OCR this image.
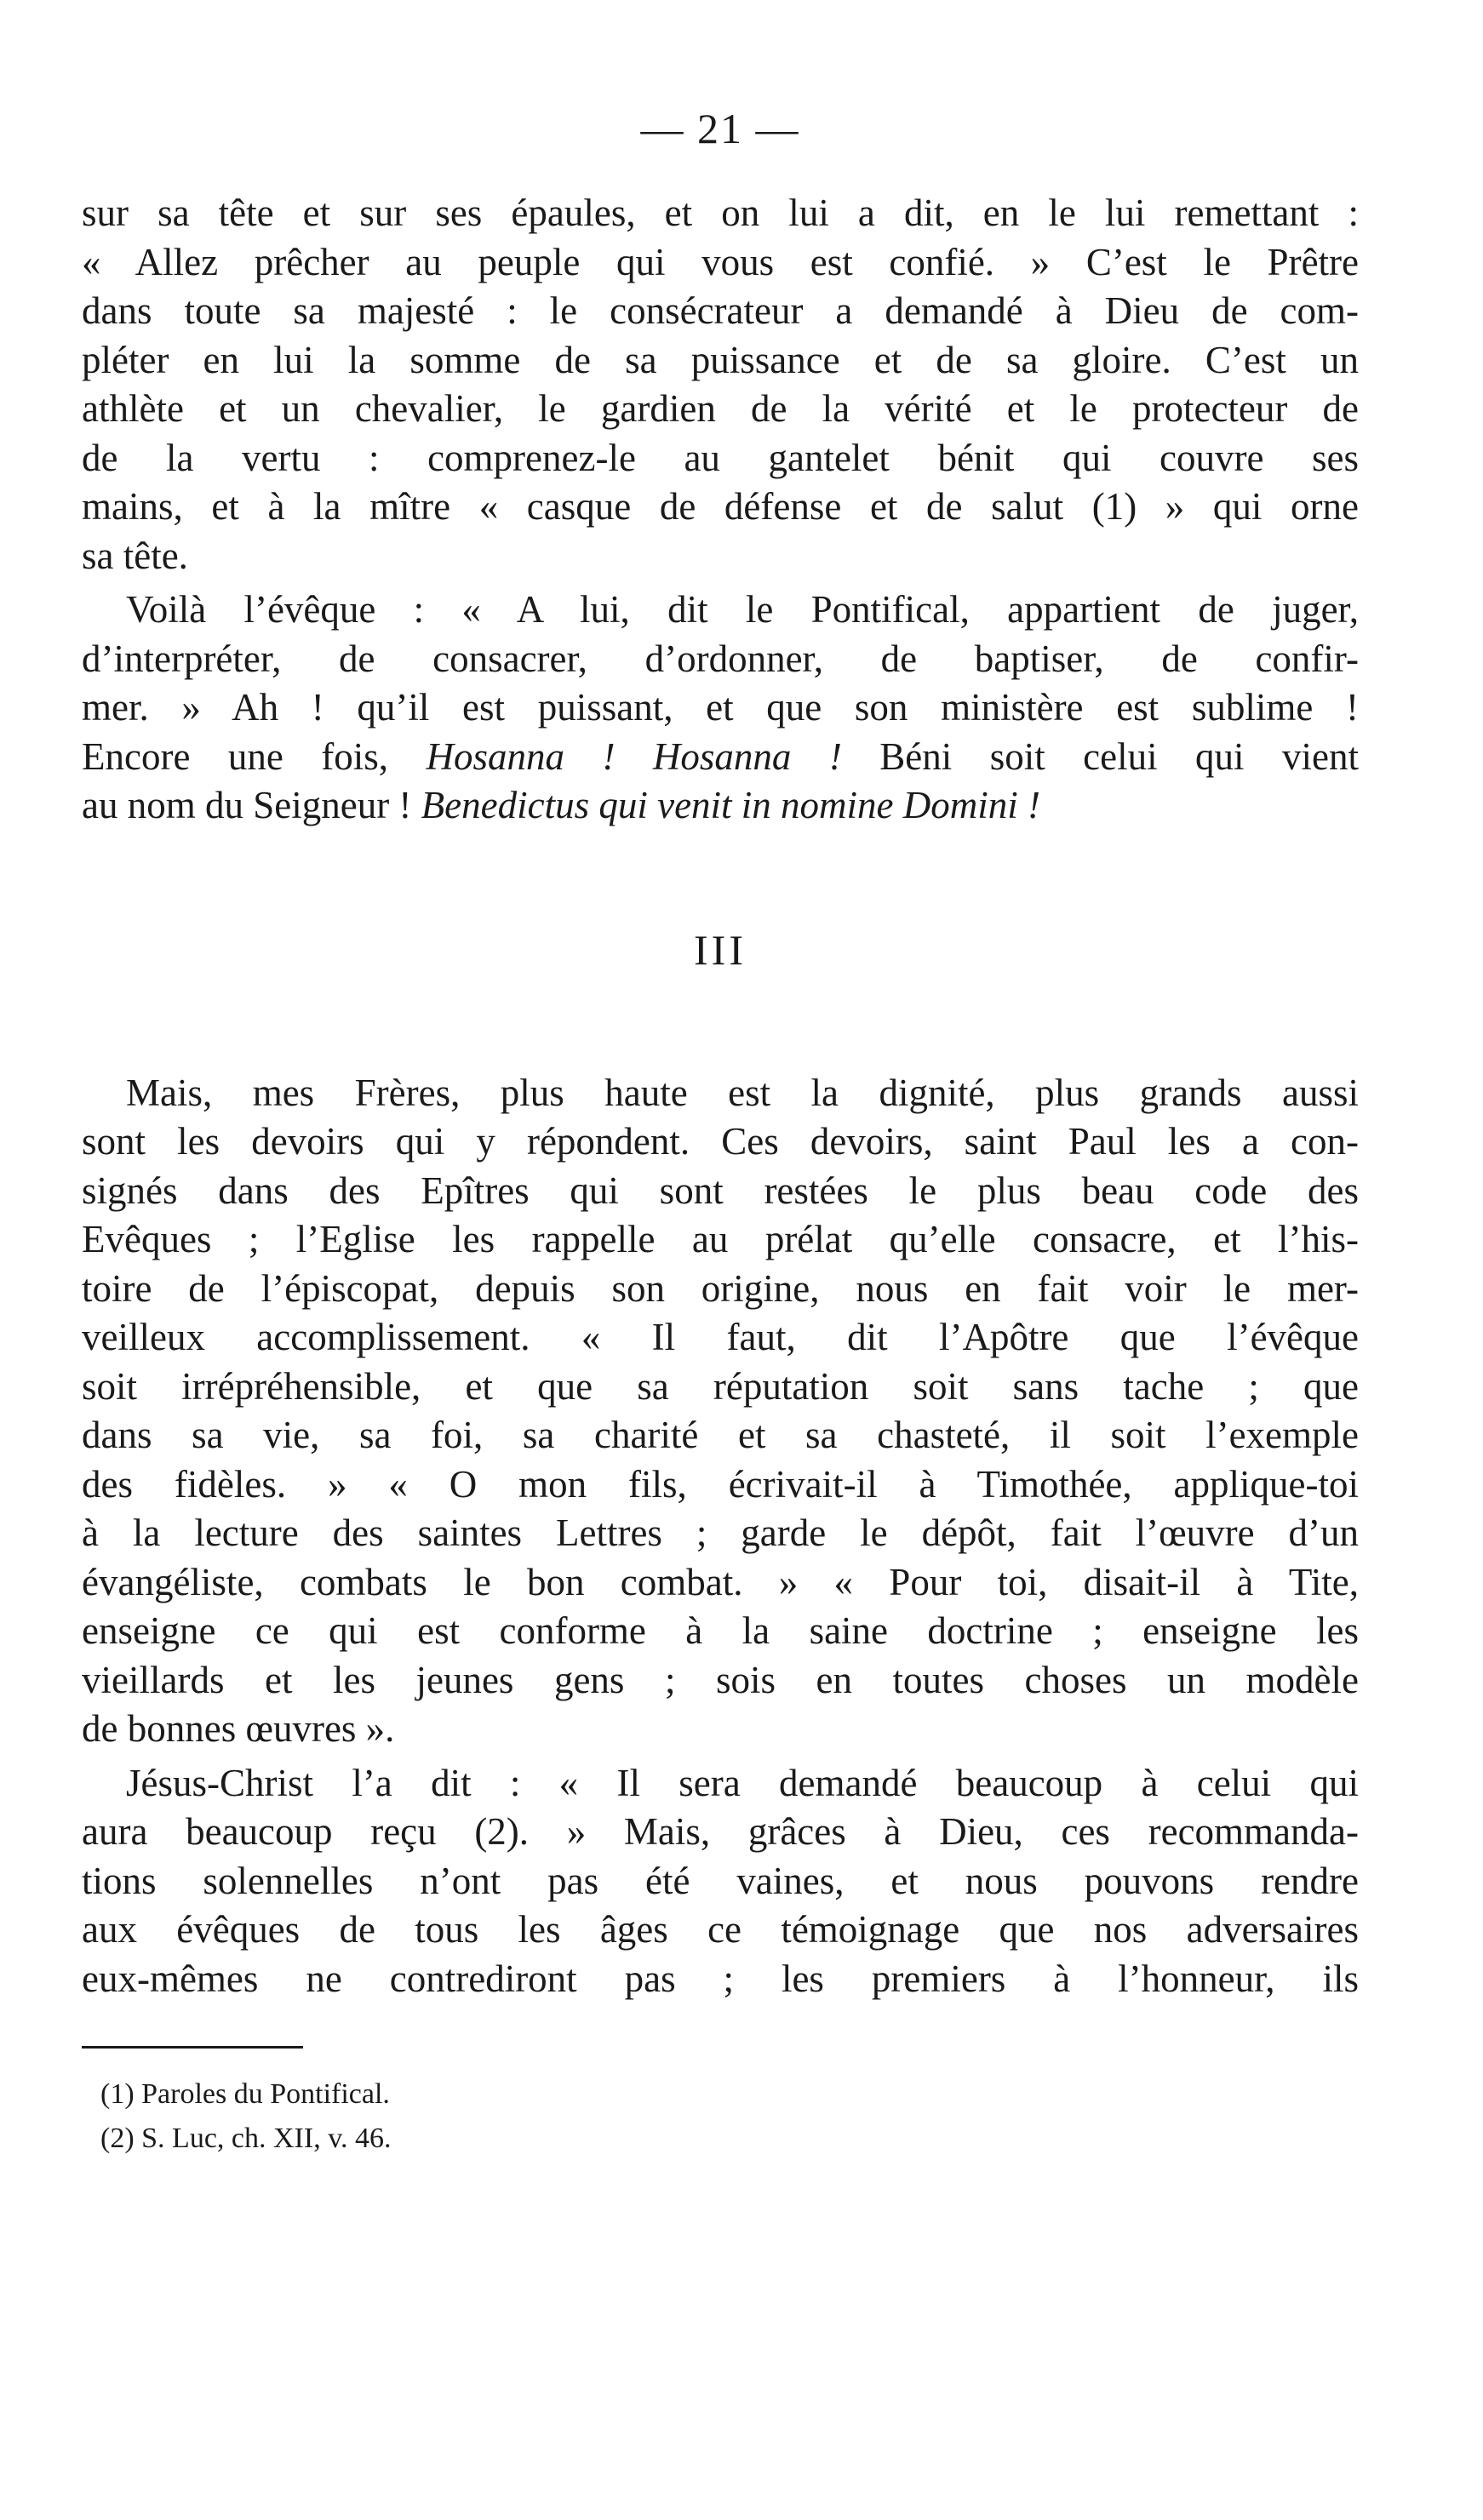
— 21 —
sur sa tête et sur ses épaules, et on lui a dit, en le lui remettant :
« Allez prêcher au peuple qui vous est confié. » C’est le Prêtre
dans toute sa majesté : le consécrateur a demandé à Dieu de com-
pléter en lui la somme de sa puissance et de sa gloire. C’est un
athlète et un chevalier, le gardien de la vérité et le protecteur de
de la vertu : comprenez-le au gantelet bénit qui couvre ses
mains, et à la mître « casque de défense et de salut (1) » qui orne
sa tête.
Voilà l’évêque : « A lui, dit le Pontifical, appartient de juger,
d’interpréter, de consacrer, d’ordonner, de baptiser, de confir-
mer. » Ah ! qu’il est puissant, et que son ministère est sublime !
Encore une fois, Hosanna ! Hosanna ! Béni soit celui qui vient
au nom du Seigneur ! Benedictus qui venit in nomine Domini !
III
Mais, mes Frères, plus haute est la dignité, plus grands aussi
sont les devoirs qui y répondent. Ces devoirs, saint Paul les a con-
signés dans des Epîtres qui sont restées le plus beau code des
Evêques ; l’Eglise les rappelle au prélat qu’elle consacre, et l’his-
toire de l’épiscopat, depuis son origine, nous en fait voir le mer-
veilleux accomplissement. « Il faut, dit l’Apôtre que l’évêque
soit irrépréhensible, et que sa réputation soit sans tache ; que
dans sa vie, sa foi, sa charité et sa chasteté, il soit l’exemple
des fidèles. » « O mon fils, écrivait-il à Timothée, applique-toi
à la lecture des saintes Lettres ; garde le dépôt, fait l’œuvre d’un
évangéliste, combats le bon combat. » « Pour toi, disait-il à Tite,
enseigne ce qui est conforme à la saine doctrine ; enseigne les
vieillards et les jeunes gens ; sois en toutes choses un modèle
de bonnes œuvres ».
Jésus-Christ l’a dit : « Il sera demandé beaucoup à celui qui
aura beaucoup reçu (2). » Mais, grâces à Dieu, ces recommanda-
tions solennelles n’ont pas été vaines, et nous pouvons rendre
aux évêques de tous les âges ce témoignage que nos adversaires
eux-mêmes ne contrediront pas ; les premiers à l’honneur, ils
(1) Paroles du Pontifical.
(2) S. Luc, ch. XII, v. 46.
